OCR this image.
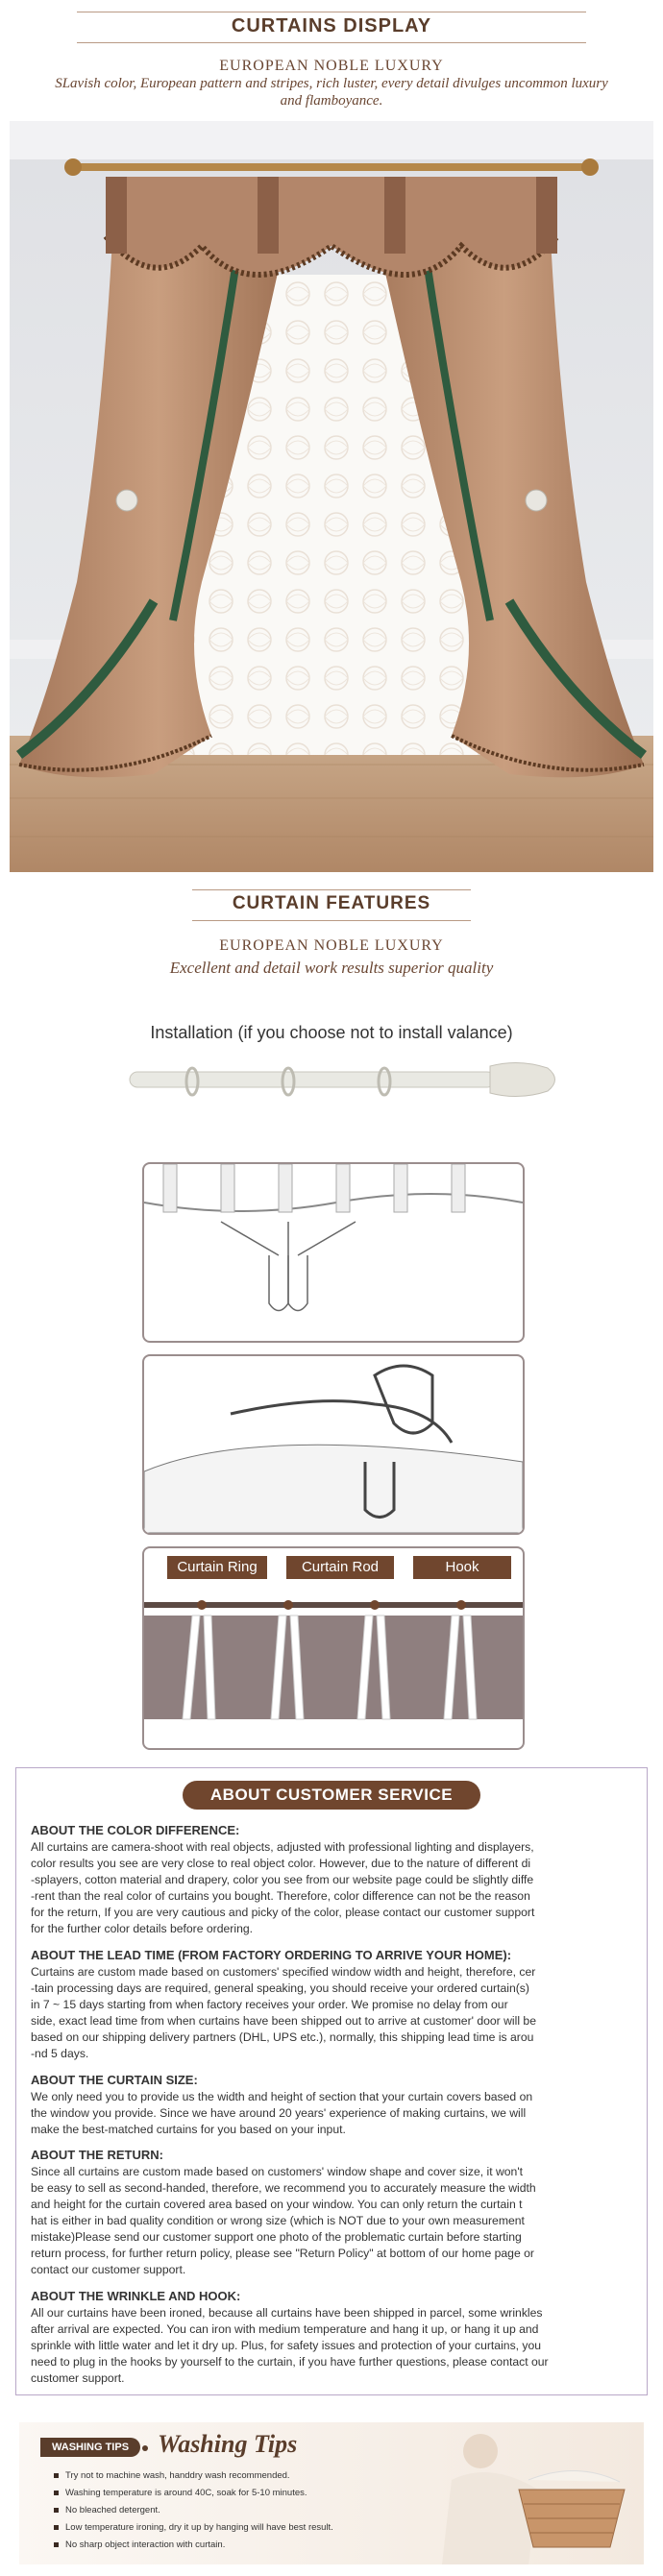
CURTAINS DISPLAY
EUROPEAN NOBLE LUXURY
SLavish color, European pattern and stripes, rich luster, every detail divulges uncommon luxury and flamboyance.
CURTAIN FEATURES
EUROPEAN NOBLE LUXURY
Excellent and detail work results superior quality
Installation (if you choose not to install valance)
Curtain Ring	Curtain Rod	Hook
ABOUT CUSTOMER SERVICE
ABOUT THE COLOR DIFFERENCE:
All curtains are camera-shoot with real objects, adjusted with professional lighting and displayers,
color results you see are very close to real object color. However, due to the nature of different di
-splayers, cotton material and drapery, color you see from our website page could be slightly diffe
-rent than the real color of curtains you bought. Therefore, color difference can not be the reason
for the return, If you are very cautious and picky of the color, please contact our customer support
for the further color details before ordering.
ABOUT THE LEAD TIME (FROM FACTORY ORDERING TO ARRIVE YOUR HOME):
Curtains are custom made based on customers' specified window width and height, therefore, cer
-tain processing days are required, general speaking, you should receive your ordered curtain(s)
in 7 ~ 15 days starting from when factory receives your order. We promise no delay from our
side, exact lead time from when curtains have been shipped out to arrive at customer' door will be
based on our shipping delivery partners (DHL, UPS etc.), normally, this shipping lead time is arou
-nd 5 days.
ABOUT THE CURTAIN SIZE:
We only need you to provide us the width and height of section that your curtain covers based on
the window you provide. Since we have around 20 years' experience of making curtains, we will
make the best-matched curtains for you based on your input.
ABOUT THE RETURN:
Since all curtains are custom made based on customers' window shape and cover size, it won't
be easy to sell as second-handed, therefore, we recommend you to accurately measure the width
and height for the curtain covered area based on your window. You can only return the curtain t
hat is either in bad quality condition or wrong size (which is NOT due to your own measurement
mistake)Please send our customer support one photo of the problematic curtain before starting
return process, for further return policy, please see "Return Policy" at bottom of our home page or
contact our customer support.
ABOUT THE WRINKLE AND HOOK:
All our curtains have been ironed, because all curtains have been shipped in parcel, some wrinkles
after arrival are expected. You can iron with medium temperature and hang it up, or hang it up and
sprinkle with little water and let it dry up. Plus, for safety issues and protection of your curtains, you
need to plug in the hooks by yourself to the curtain, if you have further questions, please contact our
customer support.
WASHING TIPS	Washing Tips
Try not to machine wash, handdry wash recommended.
Washing temperature is around 40C, soak for 5-10 minutes.
No bleached detergent.
Low temperature ironing, dry it up by hanging will have best result.
No sharp object interaction with curtain.
